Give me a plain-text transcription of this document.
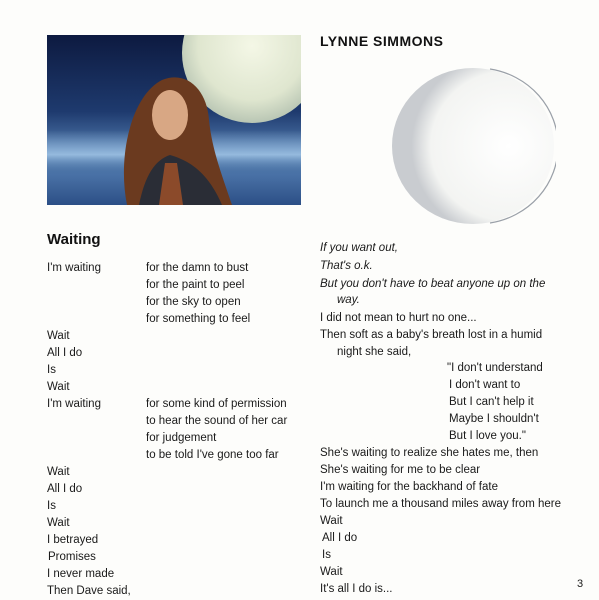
LYNNE SIMMONS
Waiting
I'm waiting
Wait
All I do
Is
Wait
I'm waiting
Wait
All I do
Is
Wait
I betrayed
Promises
I never made
Then Dave said,
for the damn to bust
for the paint to peel
for the sky to open
for something to feel
for some kind of permission
to hear the sound of her car
for judgement
to be told I've gone too far
If you want out,
That's o.k.
But you don't have to beat anyone up on the
way.
I did not mean to hurt no one...
Then soft as a baby's breath lost in a humid
night she said,
"I don't understand
I don't want to
But I can't help it
Maybe I shouldn't
But I love you."
She's waiting to realize she hates me, then
She's waiting for me to be clear
I'm waiting for the backhand of fate
To launch me a thousand miles away from here
Wait
All I do
Is
Wait
It's all I do is...	3
